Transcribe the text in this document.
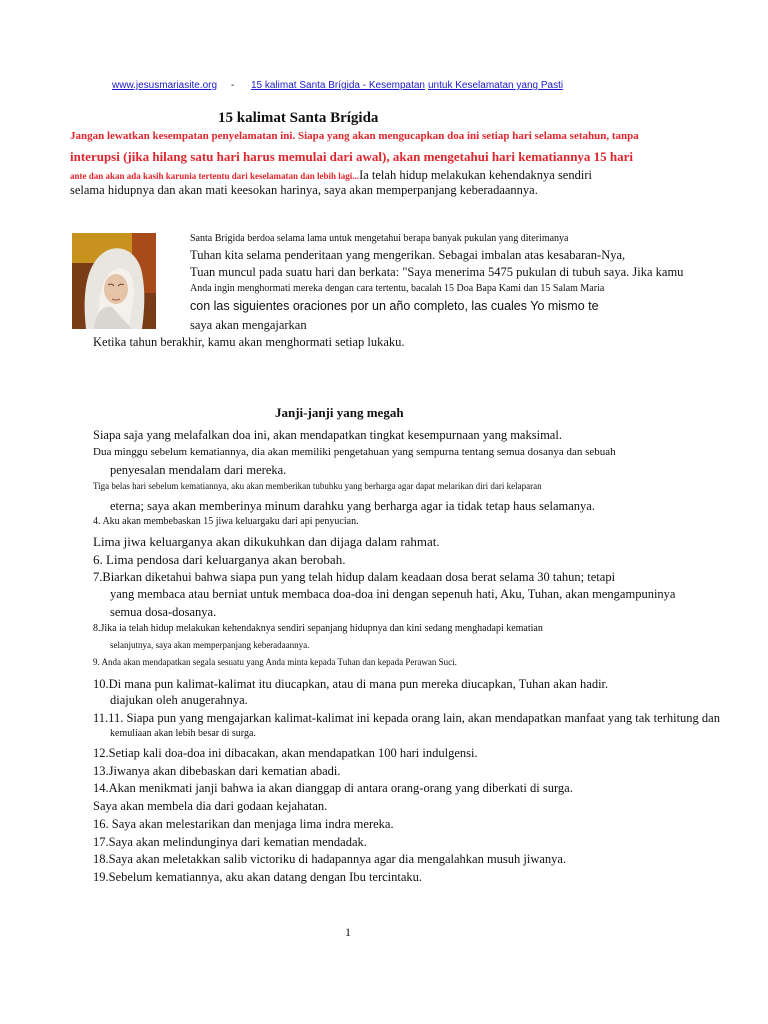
www.jesusmariasite.org - 15 kalimat Santa Brígida - Kesempatan untuk Keselamatan yang Pasti
15 kalimat Santa Brígida
Jangan lewatkan kesempatan penyelamatan ini. Siapa yang akan mengucapkan doa ini setiap hari selama setahun, tanpa
interupsi (jika hilang satu hari harus memulai dari awal), akan mengetahui hari kematiannya 15 hari
ante dan akan ada kasih karunia tertentu dari keselamatan dan lebih lagi...Ia telah hidup melakukan kehendaknya sendiri
selama hidupnya dan akan mati keesokan harinya, saya akan memperpanjang keberadaannya.
Santa Brigida berdoa selama lama untuk mengetahui berapa banyak pukulan yang diterimanya
Tuhan kita selama penderitaan yang mengerikan. Sebagai imbalan atas kesabaran-Nya,
Tuan muncul pada suatu hari dan berkata: "Saya menerima 5475 pukulan di tubuh saya. Jika kamu
Anda ingin menghormati mereka dengan cara tertentu, bacalah 15 Doa Bapa Kami dan 15 Salam Maria
con las siguientes oraciones por un año completo, las cuales Yo mismo te
saya akan mengajarkan
Ketika tahun berakhir, kamu akan menghormati setiap lukaku.
Janji-janji yang megah
Siapa saja yang melafalkan doa ini, akan mendapatkan tingkat kesempurnaan yang maksimal.
Dua minggu sebelum kematiannya, dia akan memiliki pengetahuan yang sempurna tentang semua dosanya dan sebuah
penyesalan mendalam dari mereka.
Tiga belas hari sebelum kematiannya, aku akan memberikan tubuhku yang berharga agar dapat melarikan diri dari kelaparan
eterna; saya akan memberinya minum darahku yang berharga agar ia tidak tetap haus selamanya.
4. Aku akan membebaskan 15 jiwa keluargaku dari api penyucian.
Lima jiwa keluarganya akan dikukuhkan dan dijaga dalam rahmat.
6. Lima pendosa dari keluarganya akan berobah.
7.Biarkan diketahui bahwa siapa pun yang telah hidup dalam keadaan dosa berat selama 30 tahun; tetapi
yang membaca atau berniat untuk membaca doa-doa ini dengan sepenuh hati, Aku, Tuhan, akan mengampuninya
semua dosa-dosanya.
8.Jika ia telah hidup melakukan kehendaknya sendiri sepanjang hidupnya dan kini sedang menghadapi kematian
selanjutnya, saya akan memperpanjang keberadaannya.
9. Anda akan mendapatkan segala sesuatu yang Anda minta kepada Tuhan dan kepada Perawan Suci.
10.Di mana pun kalimat-kalimat itu diucapkan, atau di mana pun mereka diucapkan, Tuhan akan hadir.
diajukan oleh anugerahnya.
11.11. Siapa pun yang mengajarkan kalimat-kalimat ini kepada orang lain, akan mendapatkan manfaat yang tak terhitung dan
kemuliaan akan lebih besar di surga.
12.Setiap kali doa-doa ini dibacakan, akan mendapatkan 100 hari indulgensi.
13.Jiwanya akan dibebaskan dari kematian abadi.
14.Akan menikmati janji bahwa ia akan dianggap di antara orang-orang yang diberkati di surga.
Saya akan membela dia dari godaan kejahatan.
16. Saya akan melestarikan dan menjaga lima indra mereka.
17.Saya akan melindunginya dari kematian mendadak.
18.Saya akan meletakkan salib victoriku di hadapannya agar dia mengalahkan musuh jiwanya.
19.Sebelum kematiannya, aku akan datang dengan Ibu tercintaku.
1
